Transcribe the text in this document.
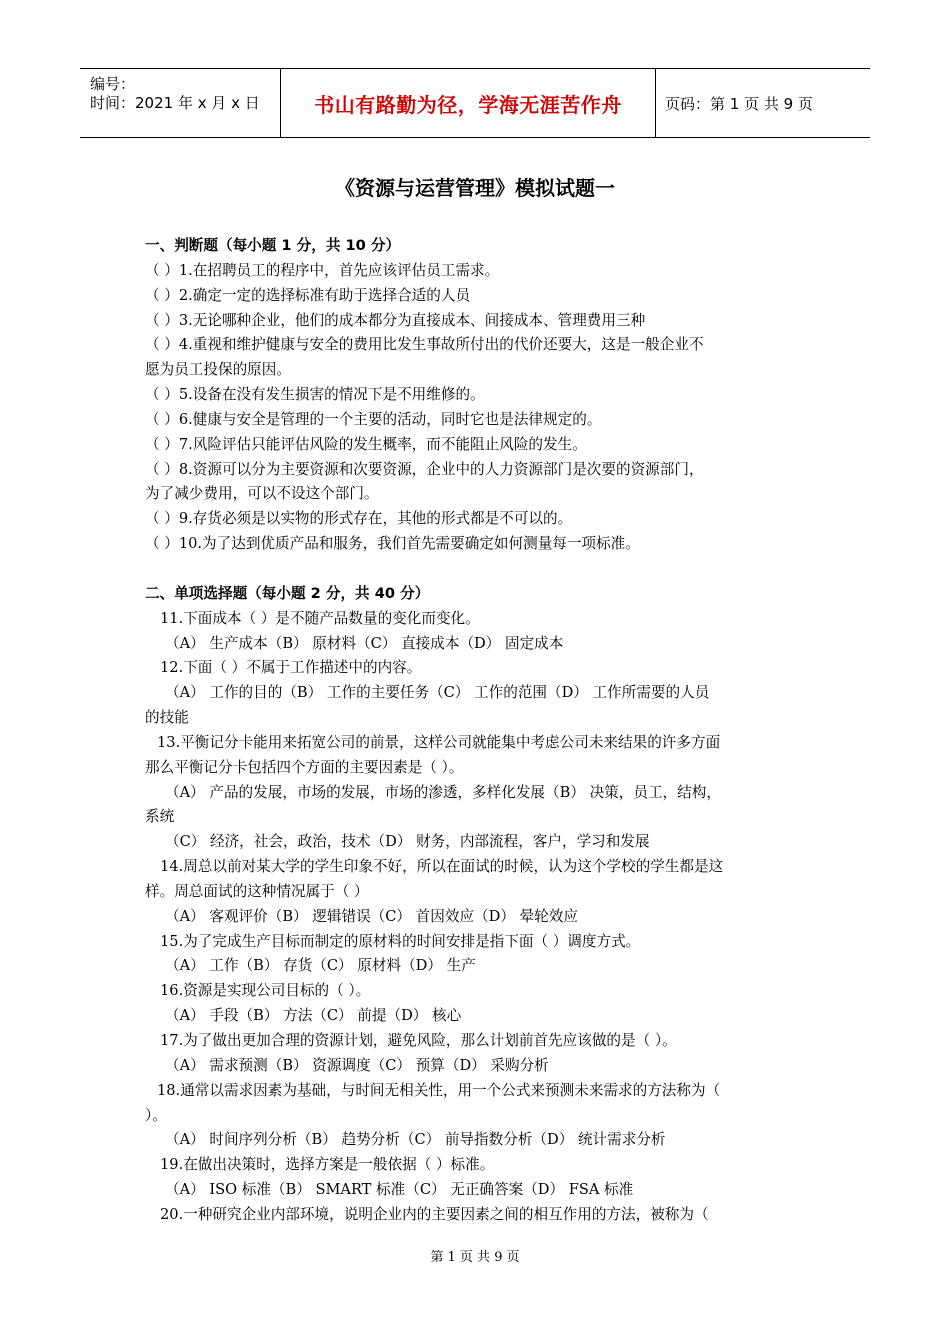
编号：
时间：2021 年 x 月 x 日	书山有路勤为径，学海无涯苦作舟	页码：第 1 页 共 9 页
《资源与运营管理》模拟试题一
一、判断题（每小题 1 分，共 10 分）
（ ）1.在招聘员工的程序中，首先应该评估员工需求。
（ ）2.确定一定的选择标准有助于选择合适的人员
（ ）3.无论哪种企业，他们的成本都分为直接成本、间接成本、管理费用三种
（ ）4.重视和维护健康与安全的费用比发生事故所付出的代价还要大，这是一般企业不
愿为员工投保的原因。
（ ）5.设备在没有发生损害的情况下是不用维修的。
（ ）6.健康与安全是管理的一个主要的活动，同时它也是法律规定的。
（ ）7.风险评估只能评估风险的发生概率，而不能阻止风险的发生。
（ ）8.资源可以分为主要资源和次要资源，企业中的人力资源部门是次要的资源部门，
为了减少费用，可以不设这个部门。
（ ）9.存货必须是以实物的形式存在，其他的形式都是不可以的。
（ ）10.为了达到优质产品和服务，我们首先需要确定如何测量每一项标准。
二、单项选择题（每小题 2 分，共 40 分）
11.下面成本（ ）是不随产品数量的变化而变化。
（A） 生产成本（B） 原材料（C） 直接成本（D） 固定成本
12.下面（ ）不属于工作描述中的内容。
（A） 工作的目的（B） 工作的主要任务（C） 工作的范围（D） 工作所需要的人员
的技能
13.平衡记分卡能用来拓宽公司的前景，这样公司就能集中考虑公司未来结果的许多方面
那么平衡记分卡包括四个方面的主要因素是（ ）。
（A） 产品的发展，市场的发展，市场的渗透，多样化发展（B） 决策，员工，结构，
系统
（C） 经济，社会，政治，技术（D） 财务，内部流程，客户，学习和发展
14.周总以前对某大学的学生印象不好，所以在面试的时候，认为这个学校的学生都是这
样。周总面试的这种情况属于（ ）
（A） 客观评价（B） 逻辑错误（C） 首因效应（D） 晕轮效应
15.为了完成生产目标而制定的原材料的时间安排是指下面（ ）调度方式。
（A） 工作（B） 存货（C） 原材料（D） 生产
16.资源是实现公司目标的（ ）。
（A） 手段（B） 方法（C） 前提（D） 核心
17.为了做出更加合理的资源计划，避免风险，那么计划前首先应该做的是（ ）。
（A） 需求预测（B） 资源调度（C） 预算（D） 采购分析
18.通常以需求因素为基础，与时间无相关性，用一个公式来预测未来需求的方法称为（
）。
（A） 时间序列分析（B） 趋势分析（C） 前导指数分析（D） 统计需求分析
19.在做出决策时，选择方案是一般依据（ ）标准。
（A） ISO 标准（B） SMART 标准（C） 无正确答案（D） FSA 标准
20.一种研究企业内部环境，说明企业内的主要因素之间的相互作用的方法，被称为（
第 1 页 共 9 页
